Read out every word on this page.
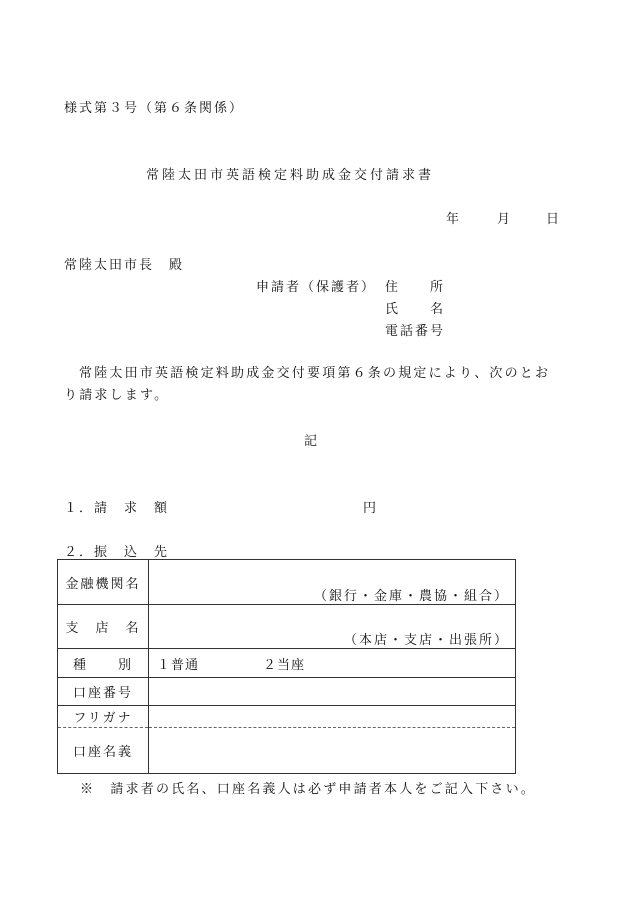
様式第３号（第６条関係）
常陸太田市英語検定料助成金交付請求書
年	月	日
常陸太田市長　殿
申請者（保護者） 住　　所
氏　　名
電話番号
常陸太田市英語検定料助成金交付要項第６条の規定により、次のとおり請求します。
記
１．請　求　額	円
２．振　込　先
金融機関名	（銀行・金庫・農協・組合）

支　店　名	（本店・支店・出張所）

種　　別	１普通 ２当座

口座番号	
フリガナ	
口座名義	
※　請求者の氏名、口座名義人は必ず申請者本人をご記入下さい。
